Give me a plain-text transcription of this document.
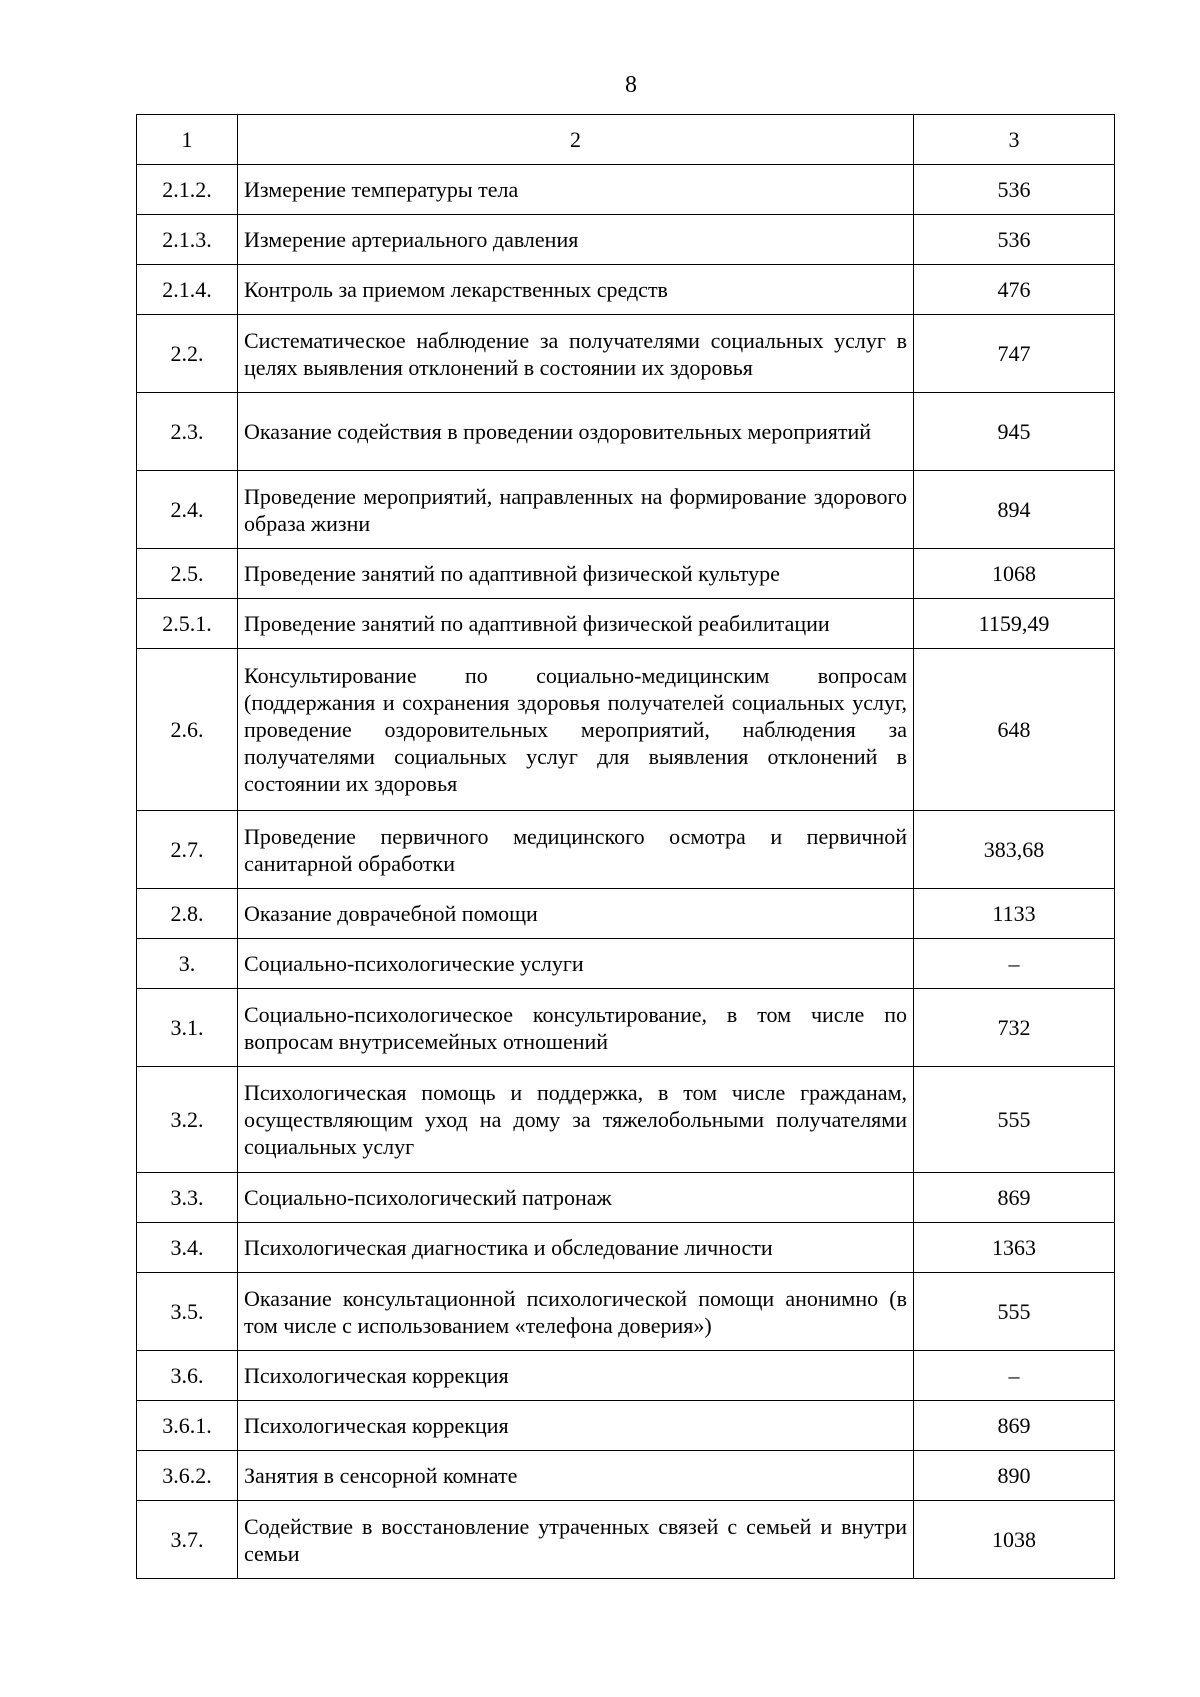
8
1	2	3
2.1.2.	Измерение температуры тела	536
2.1.3.	Измерение артериального давления	536
2.1.4.	Контроль за приемом лекарственных средств	476
2.2.	Систематическое наблюдение за получателями социальных услуг в целях выявления отклонений в состоянии их здоровья	747
2.3.	Оказание содействия в проведении оздоровительных мероприятий	945
2.4.	Проведение мероприятий, направленных на формирование здорового образа жизни	894
2.5.	Проведение занятий по адаптивной физической культуре	1068
2.5.1.	Проведение занятий по адаптивной физической реабилитации	1159,49
2.6.	Консультирование по социально-медицинским вопросам (поддержания и сохранения здоровья получателей социальных услуг, проведение оздоровительных мероприятий, наблюдения за получателями социальных услуг для выявления отклонений в состоянии их здоровья	648
2.7.	Проведение первичного медицинского осмотра и первичной санитарной обработки	383,68
2.8.	Оказание доврачебной помощи	1133
3.	Социально-психологические услуги	–
3.1.	Социально-психологическое консультирование, в том числе по вопросам внутрисемейных отношений	732
3.2.	Психологическая помощь и поддержка, в том числе гражданам, осуществляющим уход на дому за тяжелобольными получателями социальных услуг	555
3.3.	Социально-психологический патронаж	869
3.4.	Психологическая диагностика и обследование личности	1363
3.5.	Оказание консультационной психологической помощи анонимно (в том числе с использованием «телефона доверия»)	555
3.6.	Психологическая коррекция	–
3.6.1.	Психологическая коррекция	869
3.6.2.	Занятия в сенсорной комнате	890
3.7.	Содействие в восстановление утраченных связей с семьей и внутри семьи	1038
